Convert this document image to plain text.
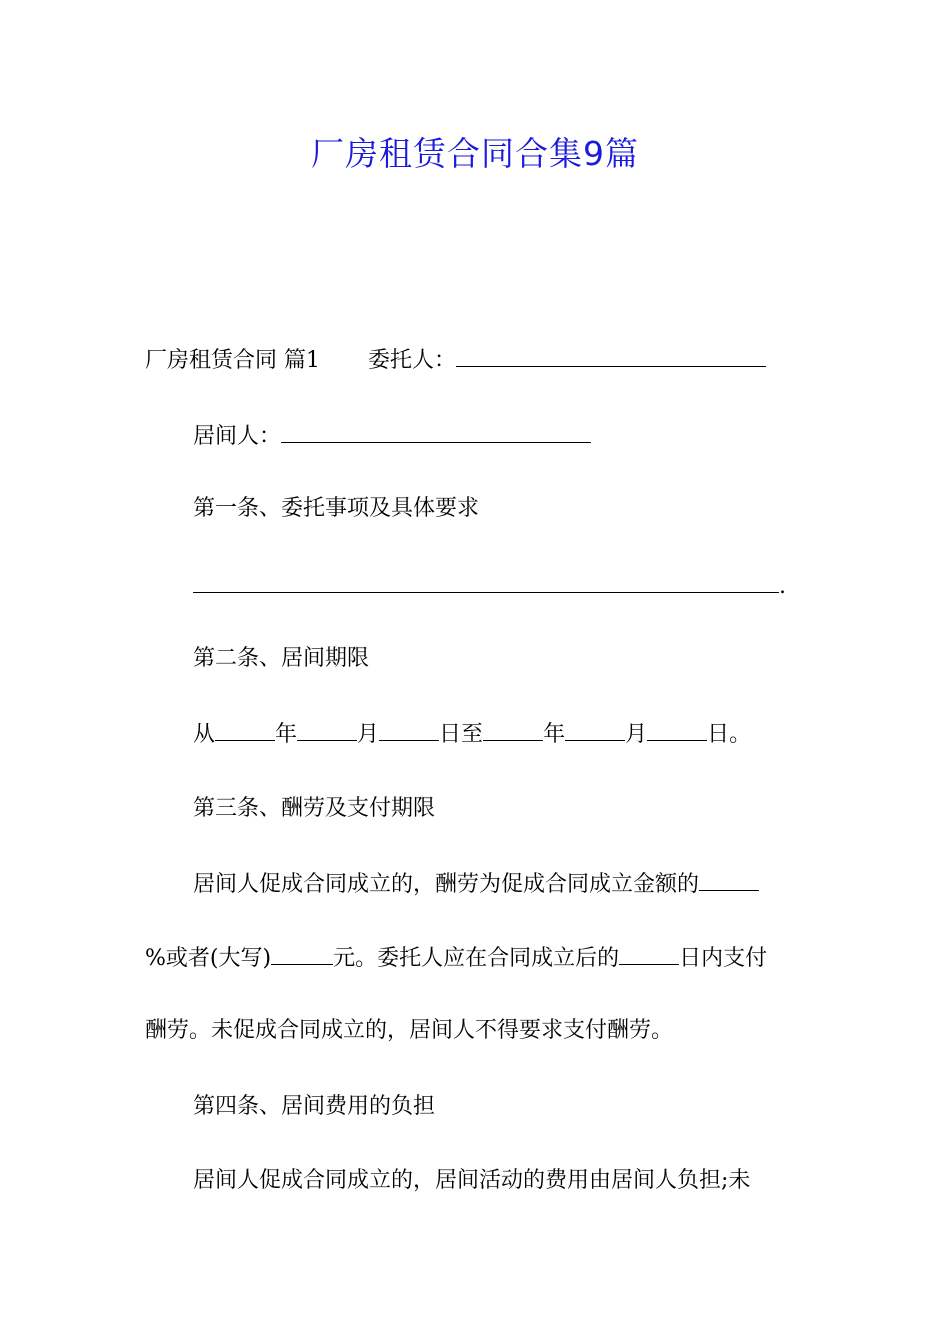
厂房租赁合同合集9篇
厂房租赁合同 篇1 委托人：
居间人：
第一条、委托事项及具体要求
.
第二条、居间期限
从	年	月	日至	年	月	日。
第三条、酬劳及支付期限
居间人促成合同成立的，酬劳为促成合同成立金额的
%或者(大写)	元。委托人应在合同成立后的	日内支付
酬劳。未促成合同成立的，居间人不得要求支付酬劳。
第四条、居间费用的负担
居间人促成合同成立的，居间活动的费用由居间人负担;未
